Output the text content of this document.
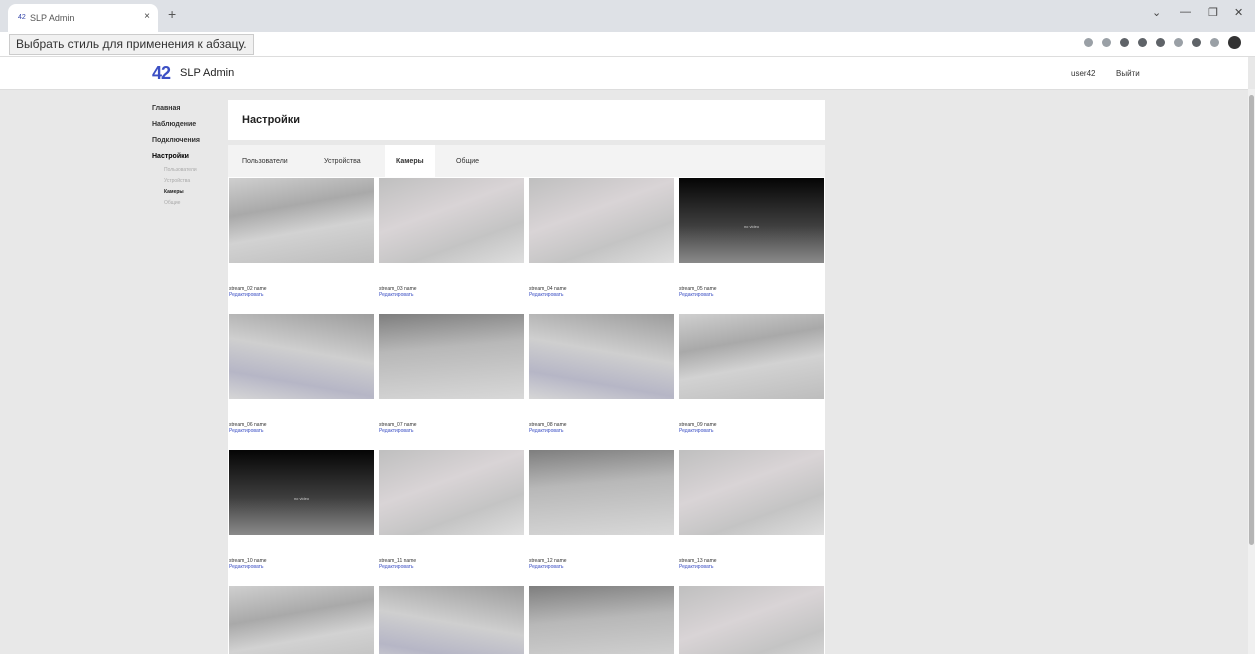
42 SLP Admin	× +	⌄ — ❐ ✕
Выбрать стиль для применения к абзацу.
42 SLP Admin	user42	Выйти
Главная
Наблюдение
Подключения
Настройки
Пользователи
Устройства
Камеры
Общие
Настройки
Пользователи	Устройства	Камеры	Общие
stream_02 name
Редактировать
stream_03 name
Редактировать
stream_04 name
Редактировать
no video
stream_05 name
Редактировать
stream_06 name
Редактировать
stream_07 name
Редактировать
stream_08 name
Редактировать
stream_09 name
Редактировать
no video
stream_10 name
Редактировать
stream_11 name
Редактировать
stream_12 name
Редактировать
stream_13 name
Редактировать
